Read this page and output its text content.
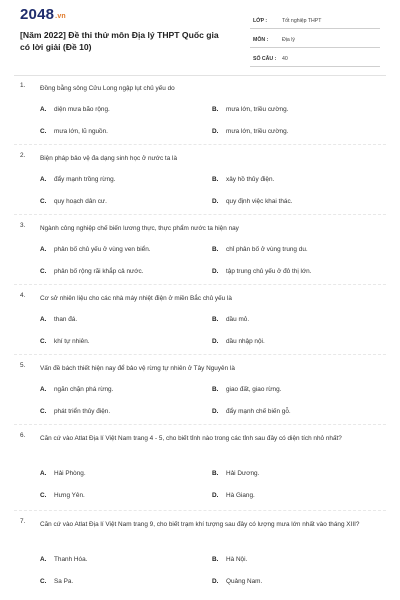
2048.vn
[Năm 2022] Đề thi thử môn Địa lý THPT Quốc gia có lời giải (Đề 10)
LỚP :	Tốt nghiệp THPT
MÔN :	Địa lý
SỐ CÂU : 40
1. Đồng bằng sông Cửu Long ngập lụt chủ yếu do
A. diện mưa bão rộng.	B. mưa lớn, triều cường.
C. mưa lớn, lũ nguồn.	D. mưa lớn, triều cường.
2. Biện pháp bảo vệ đa dạng sinh học ở nước ta là
A. đẩy mạnh trồng rừng.	B. xây hồ thủy điện.
C. quy hoạch dân cư.	D. quy định việc khai thác.
3. Ngành công nghiệp chế biến lương thực, thực phẩm nước ta hiện nay
A. phân bố chủ yếu ở vùng ven biển.	B. chỉ phân bố ở vùng trung du.
C. phân bố rộng rãi khắp cả nước.	D. tập trung chủ yếu ở đô thị lớn.
4. Cơ sở nhiên liệu cho các nhà máy nhiệt điện ở miền Bắc chủ yếu là
A. than đá.	B. dầu mỏ.
C. khí tự nhiên.	D. dầu nhập nội.
5. Vấn đề bách thiết hiện nay để bảo vệ rừng tự nhiên ở Tây Nguyên là
A. ngăn chặn phá rừng.	B. giao đất, giao rừng.
C. phát triển thủy điện.	D. đẩy mạnh chế biến gỗ.
6. Căn cứ vào Atlat Địa lí Việt Nam trang 4 - 5, cho biết tỉnh nào trong các tỉnh sau đây có diện tích nhỏ nhất?
A. Hải Phòng.	B. Hải Dương.
C. Hưng Yên.	D. Hà Giang.
7. Căn cứ vào Atlat Địa lí Việt Nam trang 9, cho biết trạm khí tượng sau đây có lượng mưa lớn nhất vào tháng XIII?
A. Thanh Hóa.	B. Hà Nội.
C. Sa Pa.	D. Quảng Nam.
